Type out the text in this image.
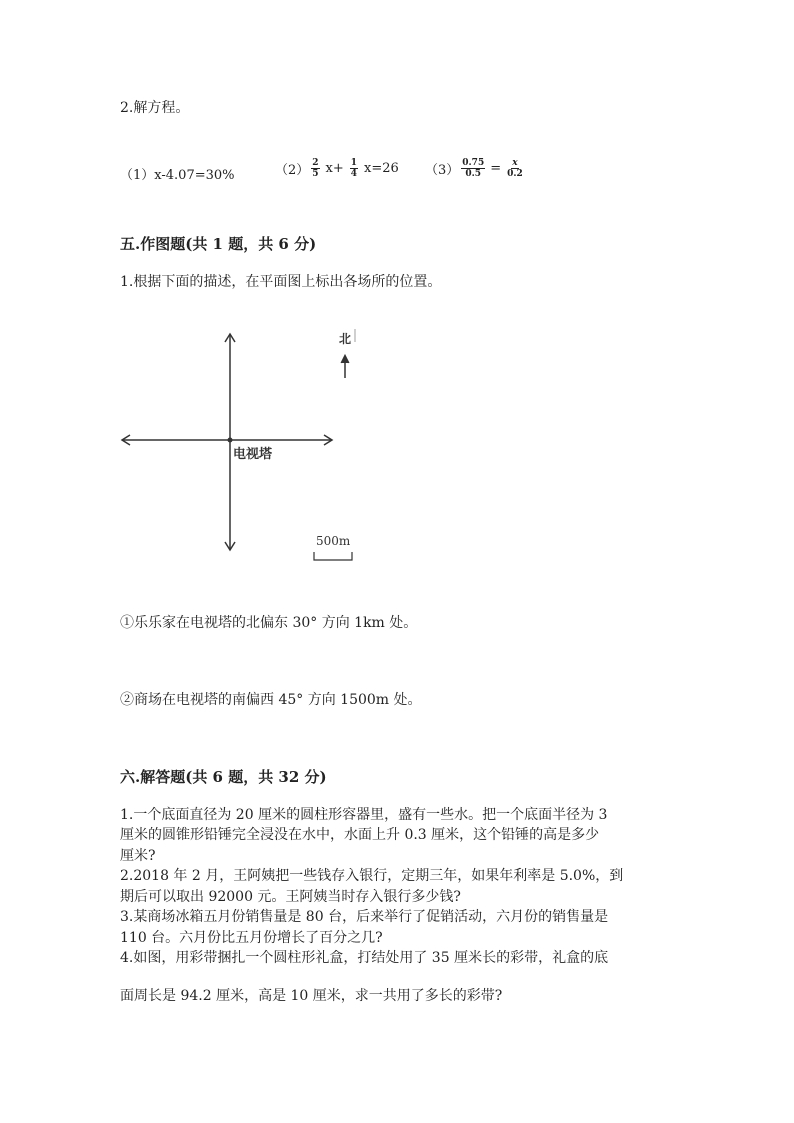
2.解方程。
（1）x-4.07=30%	$(2) \frac{2}{5} x+ \frac{1}{4} x=26$ $(3) \frac{0.75}{0.5} = \frac{x}{0.2}$
五.作图题(共 1 题，共 6 分)
1.根据下面的描述，在平面图上标出各场所的位置。
电视塔
北
500m
①乐乐家在电视塔的北偏东 30° 方向 1km 处。
②商场在电视塔的南偏西 45° 方向 1500m 处。
六.解答题(共 6 题，共 32 分)
1.一个底面直径为 20 厘米的圆柱形容器里，盛有一些水。把一个底面半径为 3
厘米的圆锥形铅锤完全浸没在水中，水面上升 0.3 厘米，这个铅锤的高是多少
厘米?
2.2018 年 2 月，王阿姨把一些钱存入银行，定期三年，如果年利率是 5.0%，到
期后可以取出 92000 元。王阿姨当时存入银行多少钱?
3.某商场冰箱五月份销售量是 80 台，后来举行了促销活动，六月份的销售量是
110 台。六月份比五月份增长了百分之几?
4.如图，用彩带捆扎一个圆柱形礼盒，打结处用了 35 厘米长的彩带，礼盒的底
面周长是 94.2 厘米，高是 10 厘米，求一共用了多长的彩带?
